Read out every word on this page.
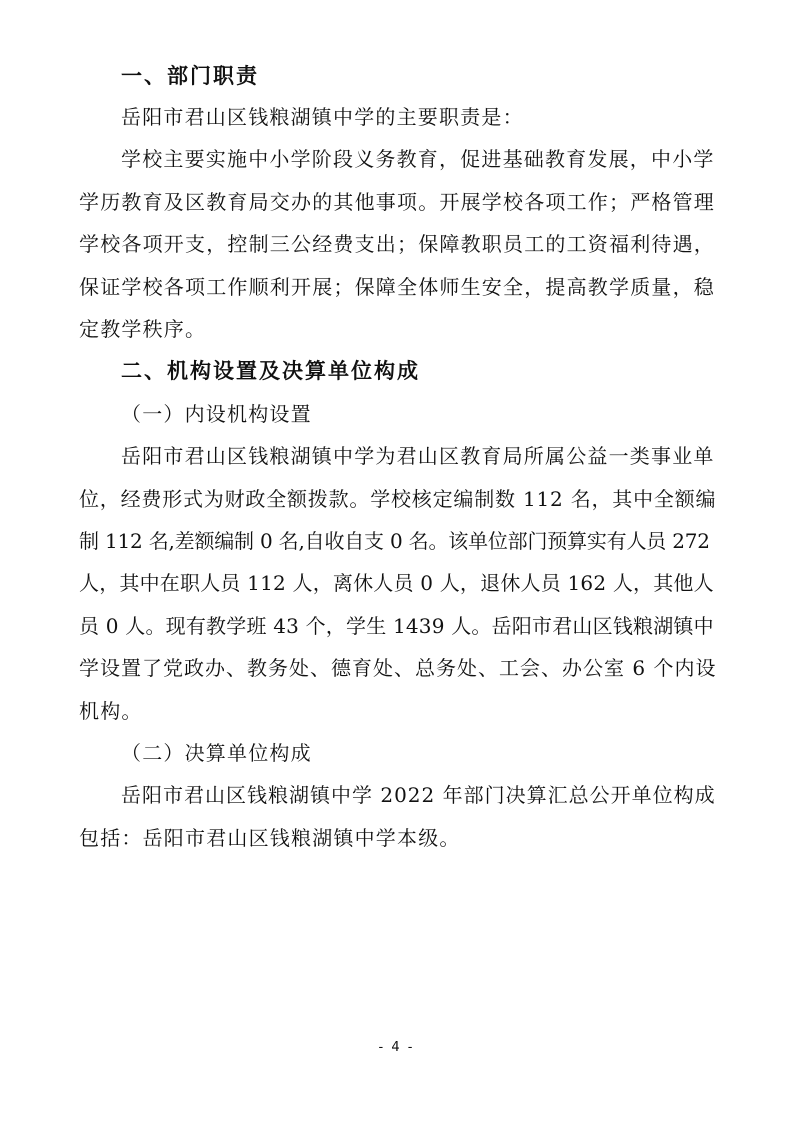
一、部门职责

岳阳市君山区钱粮湖镇中学的主要职责是：

学校主要实施中小学阶段义务教育，促进基础教育发展，中小学

学历教育及区教育局交办的其他事项。开展学校各项工作；严格管理

学校各项开支，控制三公经费支出；保障教职员工的工资福利待遇，

保证学校各项工作顺利开展；保障全体师生安全，提高教学质量，稳

定教学秩序。

二、机构设置及决算单位构成

（一）内设机构设置

岳阳市君山区钱粮湖镇中学为君山区教育局所属公益一类事业单

位，经费形式为财政全额拨款。学校核定编制数 112 名，其中全额编

制 112 名,差额编制 0 名,自收自支 0 名。该单位部门预算实有人员 272

人，其中在职人员 112 人，离休人员 0 人，退休人员 162 人，其他人

员 0 人。现有教学班 43 个，学生 1439 人。岳阳市君山区钱粮湖镇中

学设置了党政办、教务处、德育处、总务处、工会、办公室 6 个内设

机构。

（二）决算单位构成

岳阳市君山区钱粮湖镇中学 2022 年部门决算汇总公开单位构成

包括：岳阳市君山区钱粮湖镇中学本级。

- 4 -
